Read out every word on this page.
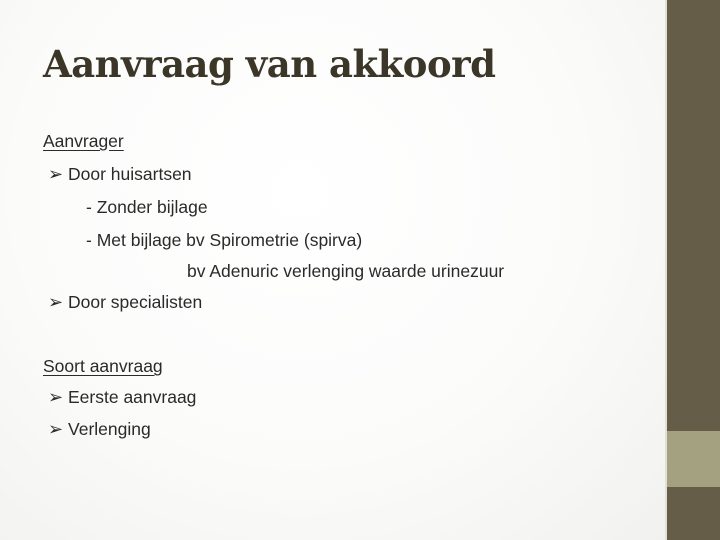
Aanvraag van akkoord
Aanvrager
➢ Door huisartsen
- Zonder bijlage
- Met bijlage bv Spirometrie (spirva)
bv Adenuric verlenging waarde urinezuur
➢ Door specialisten
Soort aanvraag
➢ Eerste aanvraag
➢ Verlenging
